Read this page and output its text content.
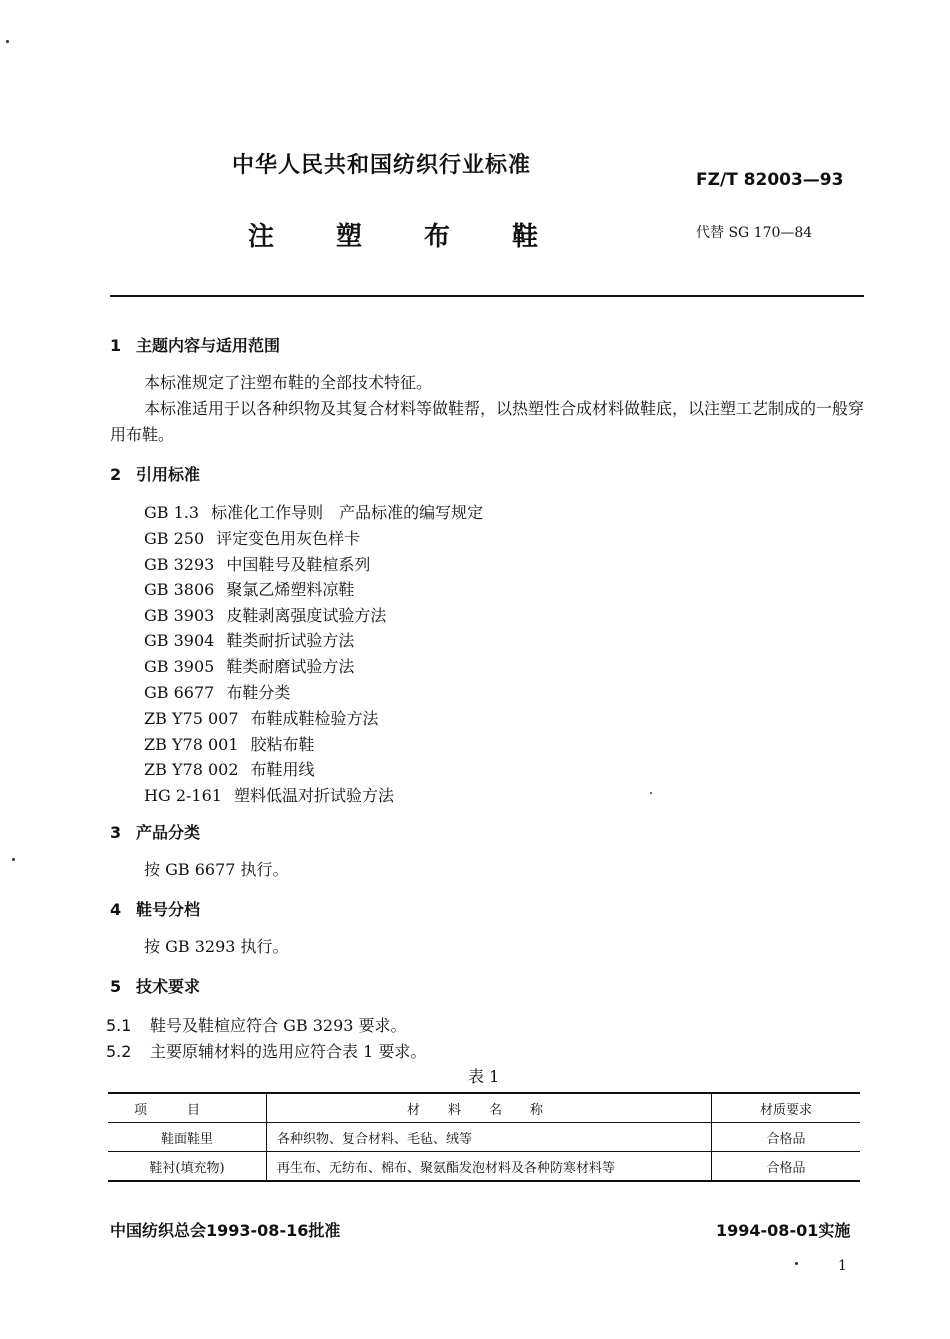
中华人民共和国纺织行业标准
FZ/T 82003—93
注塑布鞋	代替 SG 170—84
1 主题内容与适用范围
本标准规定了注塑布鞋的全部技术特征。
本标准适用于以各种织物及其复合材料等做鞋帮，以热塑性合成材料做鞋底，以注塑工艺制成的一般穿用布鞋。
2 引用标准
GB 1.3 标准化工作导则　产品标准的编写规定
GB 250 评定变色用灰色样卡
GB 3293 中国鞋号及鞋楦系列
GB 3806 聚氯乙烯塑料凉鞋
GB 3903 皮鞋剥离强度试验方法
GB 3904 鞋类耐折试验方法
GB 3905 鞋类耐磨试验方法
GB 6677 布鞋分类
ZB Y75 007 布鞋成鞋检验方法
ZB Y78 001 胶粘布鞋
ZB Y78 002 布鞋用线
HG 2-161 塑料低温对折试验方法
3 产品分类
按 GB 6677 执行。
4 鞋号分档
按 GB 3293 执行。
5 技术要求
5.1 鞋号及鞋楦应符合 GB 3293 要求。
5.2 主要原辅材料的选用应符合表 1 要求。
表 1
项目	材料名称	材质要求
鞋面鞋里	各种织物、复合材料、毛毡、绒等	合格品
鞋衬(填充物)	再生布、无纺布、棉布、聚氨酯发泡材料及各种防寒材料等	合格品
中国纺织总会1993-08-16批准	1994-08-01实施
1
